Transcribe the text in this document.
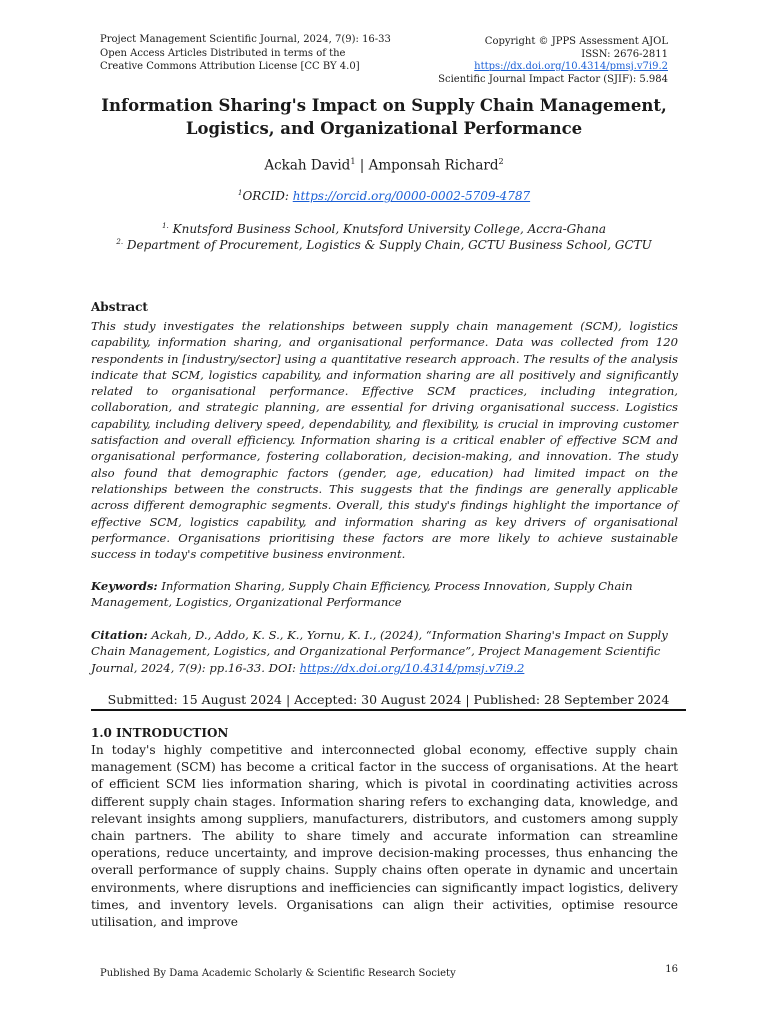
Project Management Scientific Journal, 2024, 7(9): 16-33
Open Access Articles Distributed in terms of the
Creative Commons Attribution License [CC BY 4.0]
Copyright © JPPS Assessment AJOL
ISSN: 2676-2811
https://dx.doi.org/10.4314/pmsj.v7i9.2
Scientific Journal Impact Factor (SJIF): 5.984
Information Sharing's Impact on Supply Chain Management,
Logistics, and Organizational Performance
Ackah David$^1$ | Amponsah Richard$^2$
$^1$ORCID: https://orcid.org/0000-0002-5709-4787
$^{1.}$ Knutsford Business School, Knutsford University College, Accra-Ghana
$^{2.}$ Department of Procurement, Logistics & Supply Chain, GCTU Business School, GCTU
Abstract
This study investigates the relationships between supply chain management (SCM), logistics capability, information sharing, and organisational performance. Data was collected from 120 respondents in [industry/sector] using a quantitative research approach. The results of the analysis indicate that SCM, logistics capability, and information sharing are all positively and significantly related to organisational performance. Effective SCM practices, including integration, collaboration, and strategic planning, are essential for driving organisational success. Logistics capability, including delivery speed, dependability, and flexibility, is crucial in improving customer satisfaction and overall efficiency. Information sharing is a critical enabler of effective SCM and organisational performance, fostering collaboration, decision-making, and innovation. The study also found that demographic factors (gender, age, education) had limited impact on the relationships between the constructs. This suggests that the findings are generally applicable across different demographic segments. Overall, this study's findings highlight the importance of effective SCM, logistics capability, and information sharing as key drivers of organisational performance. Organisations prioritising these factors are more likely to achieve sustainable success in today's competitive business environment.
Keywords: Information Sharing, Supply Chain Efficiency, Process Innovation, Supply Chain Management, Logistics, Organizational Performance
Citation: Ackah, D., Addo, K. S., K., Yornu, K. I., (2024), “Information Sharing's Impact on Supply Chain Management, Logistics, and Organizational Performance”, Project Management Scientific Journal, 2024, 7(9): pp.16-33. DOI: https://dx.doi.org/10.4314/pmsj.v7i9.2
Submitted: 15 August 2024 | Accepted: 30 August 2024 | Published: 28 September 2024
1.0 INTRODUCTION
In today's highly competitive and interconnected global economy, effective supply chain management (SCM) has become a critical factor in the success of organisations. At the heart of efficient SCM lies information sharing, which is pivotal in coordinating activities across different supply chain stages. Information sharing refers to exchanging data, knowledge, and relevant insights among suppliers, manufacturers, distributors, and customers among supply chain partners. The ability to share timely and accurate information can streamline operations, reduce uncertainty, and improve decision-making processes, thus enhancing the overall performance of supply chains. Supply chains often operate in dynamic and uncertain environments, where disruptions and inefficiencies can significantly impact logistics, delivery times, and inventory levels. Organisations can align their activities, optimise resource utilisation, and improve
Published By Dama Academic Scholarly & Scientific Research Society	16
